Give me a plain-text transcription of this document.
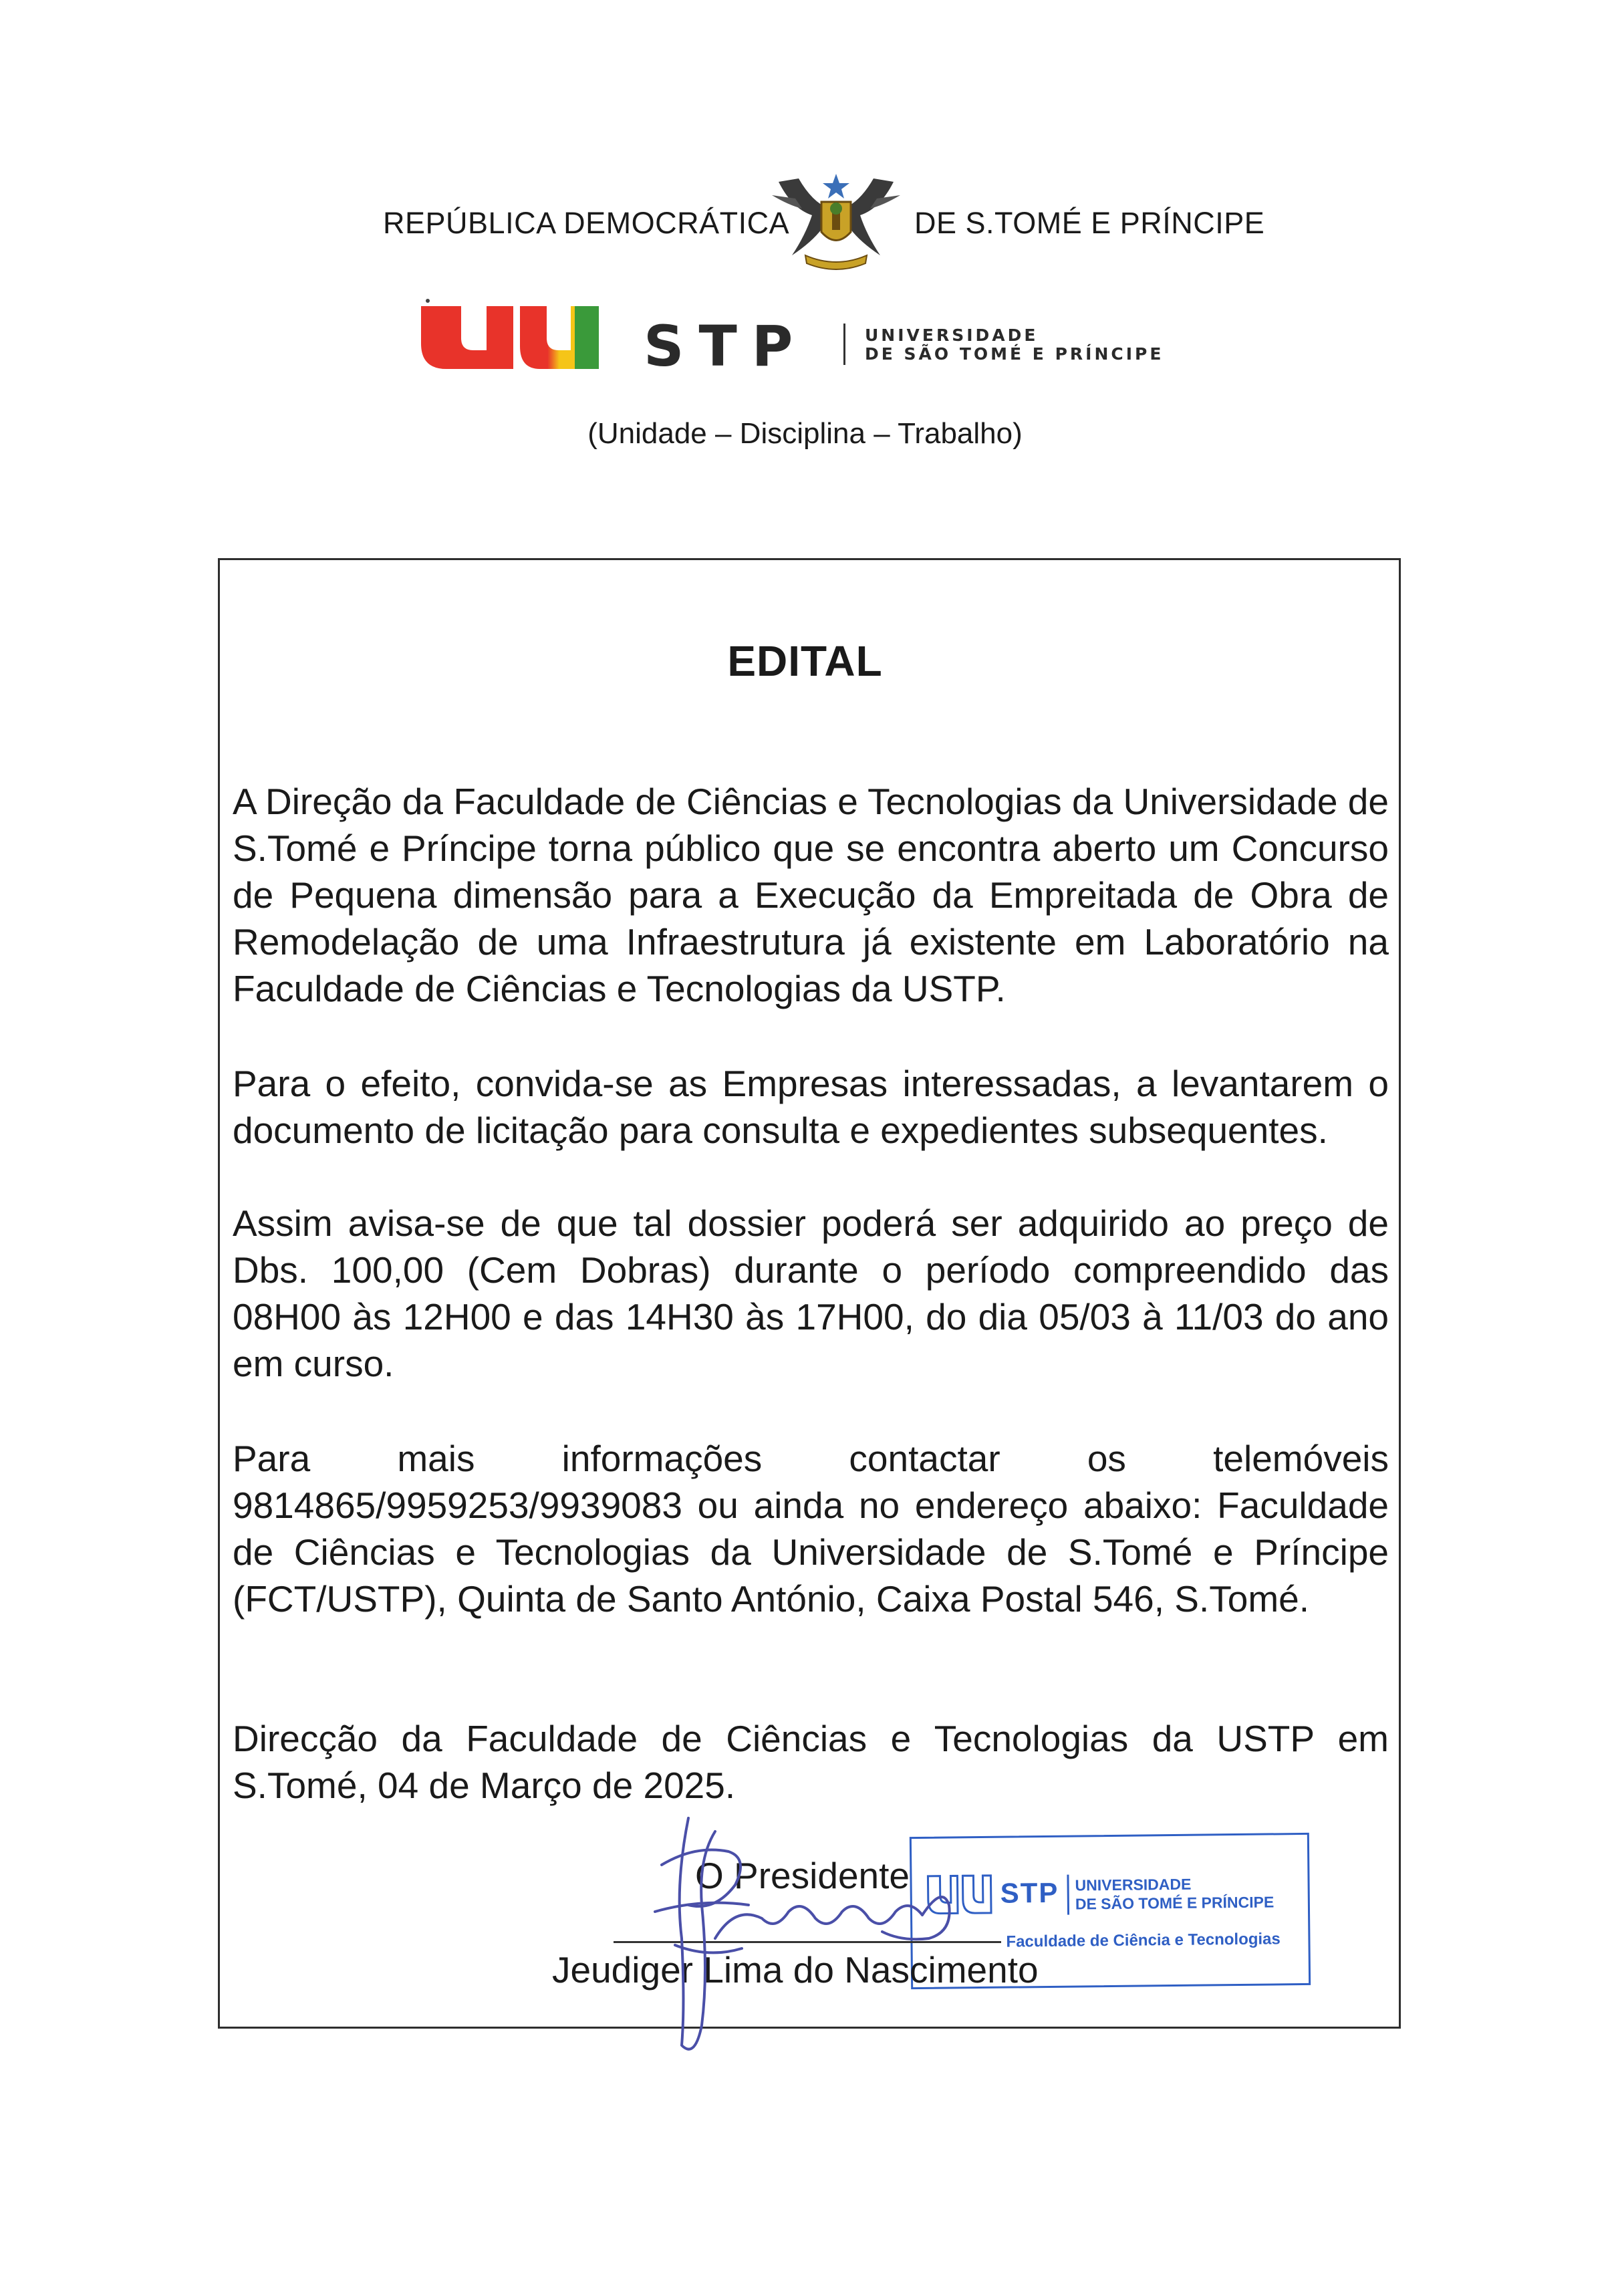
REPÚBLICA DEMOCRÁTICA	DE S.TOMÉ E PRÍNCIPE
STP	UNIVERSIDADE
DE SÃO TOMÉ E PRÍNCIPE
(Unidade – Disciplina – Trabalho)
EDITAL
A Direção da Faculdade de Ciências e Tecnologias da Universidade de S.Tomé e Príncipe torna público que se encontra aberto um Concurso de Pequena dimensão para a Execução da Empreitada de Obra de Remodelação de uma Infraestrutura já existente em Laboratório na Faculdade de Ciências e Tecnologias da USTP.
Para o efeito, convida-se as Empresas interessadas, a levantarem o documento de licitação para consulta e expedientes subsequentes.
Assim avisa-se de que tal dossier poderá ser adquirido ao preço de Dbs. 100,00 (Cem Dobras) durante o período compreendido das 08H00 às 12H00 e das 14H30 às 17H00, do dia 05/03 à 11/03 do ano em curso.
Para mais informações contactar os telemóveis 9814865/9959253/9939083 ou ainda no endereço abaixo: Faculdade de Ciências e Tecnologias da Universidade de S.Tomé e Príncipe (FCT/USTP), Quinta de Santo António, Caixa Postal 546, S.Tomé.
Direcção da Faculdade de Ciências e Tecnologias da USTP em S.Tomé, 04 de Março de 2025.
STP UNIVERSIDADE
DE SÃO TOMÉ E PRÍNCIPE
Faculdade de Ciência e Tecnologias
O Presidente
Jeudiger Lima do Nascimento
